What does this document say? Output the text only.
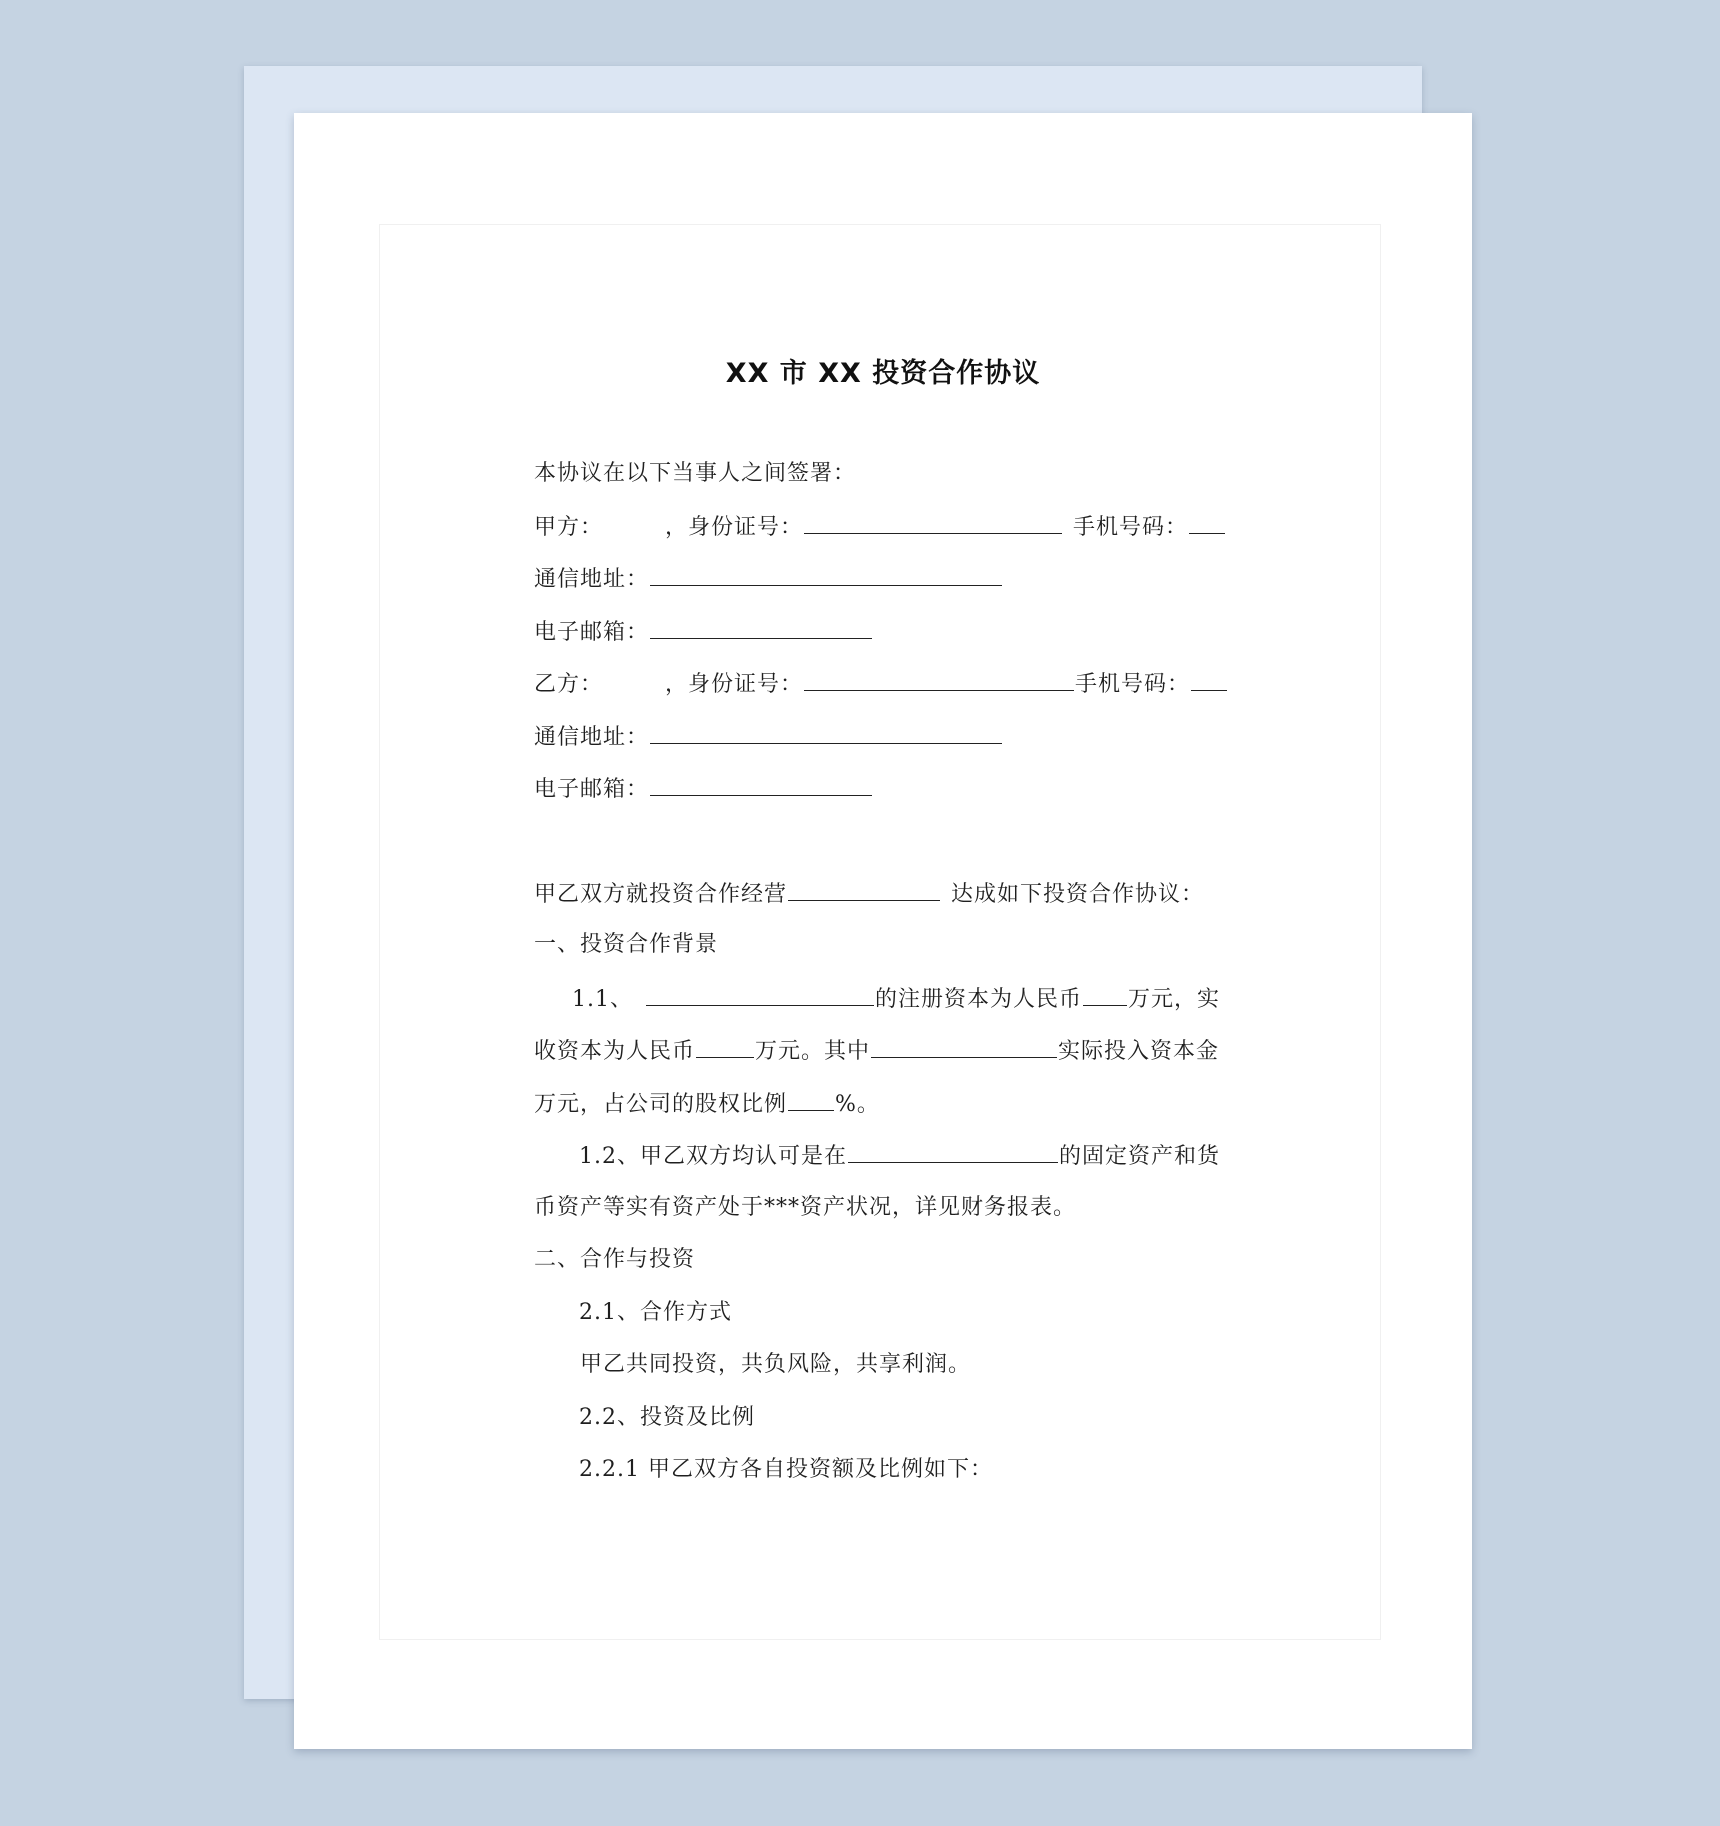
XX 市 XX 投资合作协议
本协议在以下当事人之间签署：
甲方：	，身份证号：	手机号码：
通信地址：
电子邮箱：
乙方：	，身份证号：	手机号码：
通信地址：
电子邮箱：
甲乙双方就投资合作经营	达成如下投资合作协议：
一、投资合作背景
1.1、	的注册资本为人民币 万元，实
收资本为人民币	万元。其中	实际投入资本金
万元，占公司的股权比例 %。
1.2、甲乙双方均认可是在	的固定资产和货
币资产等实有资产处于***资产状况，详见财务报表。
二、合作与投资
2.1、合作方式
甲乙共同投资，共负风险，共享利润。
2.2、投资及比例
2.2.1 甲乙双方各自投资额及比例如下：
